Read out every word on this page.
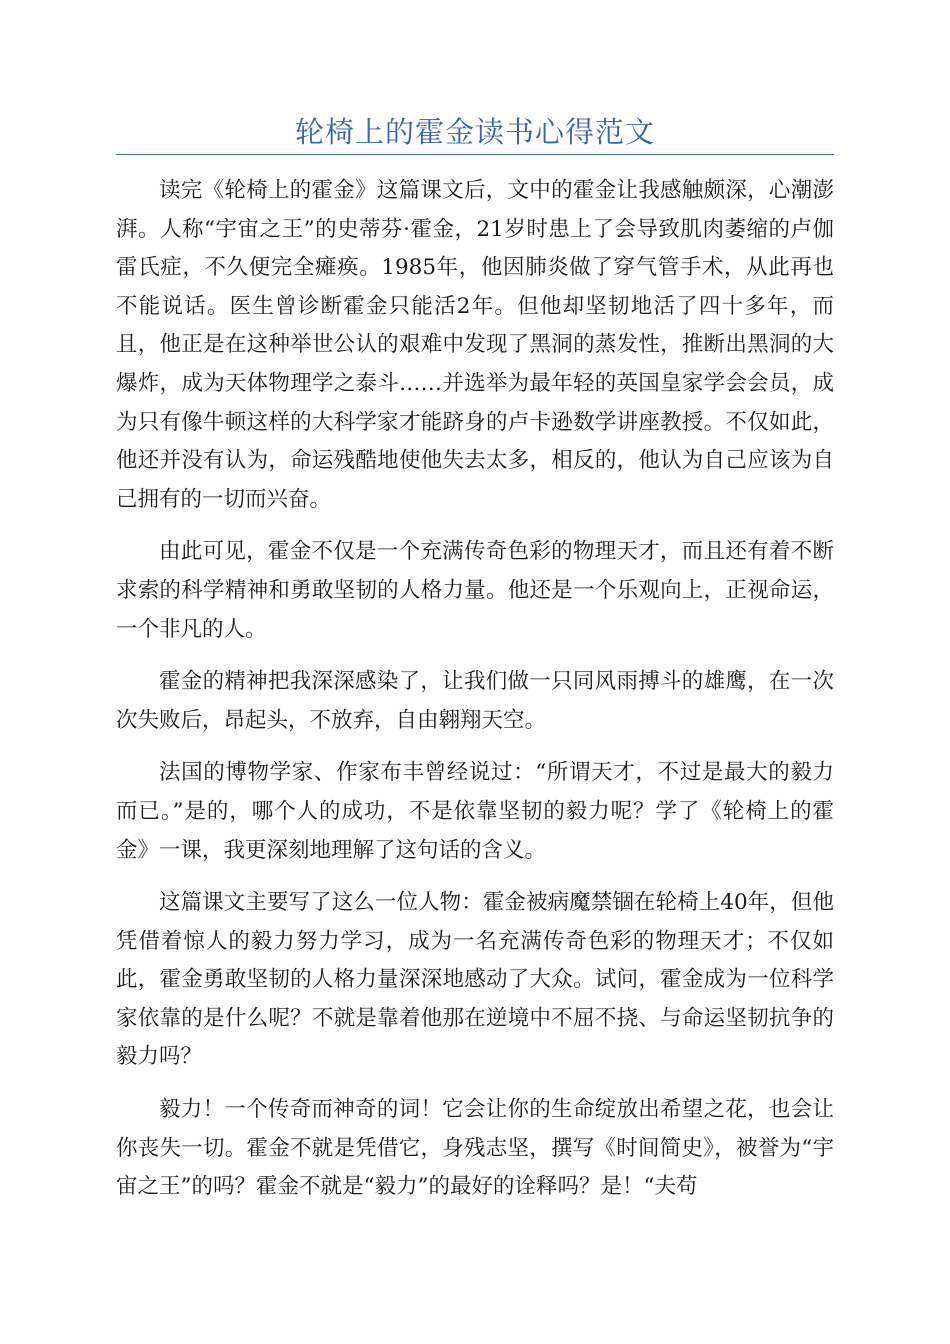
轮椅上的霍金读书心得范文

读完《轮椅上的霍金》这篇课文后，文中的霍金让我感触颇深，心潮澎湃。人称“宇宙之王”的史蒂芬·霍金，21岁时患上了会导致肌肉萎缩的卢伽雷氏症，不久便完全瘫痪。1985年，他因肺炎做了穿气管手术，从此再也不能说话。医生曾诊断霍金只能活2年。但他却坚韧地活了四十多年，而且，他正是在这种举世公认的艰难中发现了黑洞的蒸发性，推断出黑洞的大爆炸，成为天体物理学之泰斗……并选举为最年轻的英国皇家学会会员，成为只有像牛顿这样的大科学家才能跻身的卢卡逊数学讲座教授。不仅如此，他还并没有认为，命运残酷地使他失去太多，相反的，他认为自己应该为自己拥有的一切而兴奋。

由此可见，霍金不仅是一个充满传奇色彩的物理天才，而且还有着不断求索的科学精神和勇敢坚韧的人格力量。他还是一个乐观向上，正视命运，一个非凡的人。

霍金的精神把我深深感染了，让我们做一只同风雨搏斗的雄鹰，在一次次失败后，昂起头，不放弃，自由翱翔天空。

法国的博物学家、作家布丰曾经说过：“所谓天才，不过是最大的毅力而已。”是的，哪个人的成功，不是依靠坚韧的毅力呢？学了《轮椅上的霍金》一课，我更深刻地理解了这句话的含义。

这篇课文主要写了这么一位人物：霍金被病魔禁锢在轮椅上40年，但他凭借着惊人的毅力努力学习，成为一名充满传奇色彩的物理天才；不仅如此，霍金勇敢坚韧的人格力量深深地感动了大众。试问，霍金成为一位科学家依靠的是什么呢？不就是靠着他那在逆境中不屈不挠、与命运坚韧抗争的毅力吗？

毅力！一个传奇而神奇的词！它会让你的生命绽放出希望之花，也会让你丧失一切。霍金不就是凭借它，身残志坚，撰写《时间简史》，被誉为“宇宙之王”的吗？霍金不就是“毅力”的最好的诠释吗？是！“夫苟
